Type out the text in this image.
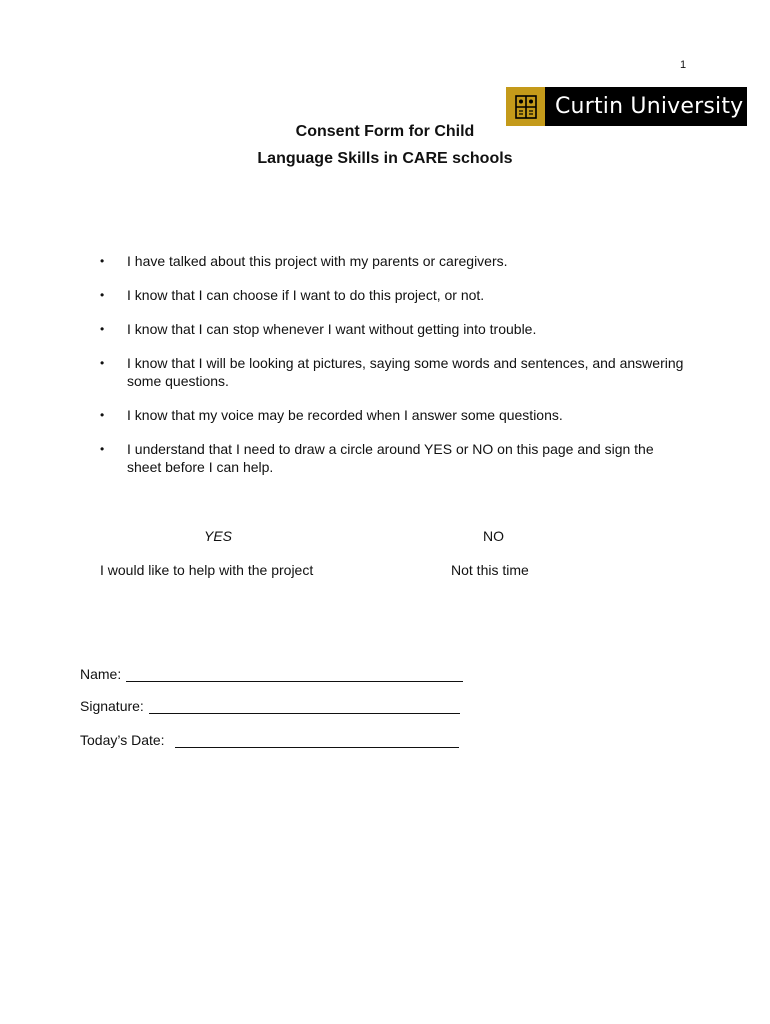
1
Curtin University
Consent Form for Child
Language Skills in CARE schools
•	I have talked about this project with my parents or caregivers.
•	I know that I can choose if I want to do this project, or not.
•	I know that I can stop whenever I want without getting into trouble.
•	I know that I will be looking at pictures, saying some words and sentences, and answering some questions.
•	I know that my voice may be recorded when I answer some questions.
•	I understand that I need to draw a circle around YES or NO on this page and sign the sheet before I can help.
YES	NO
I would like to help with the project	Not this time
Name:
Signature:
Today’s Date:
